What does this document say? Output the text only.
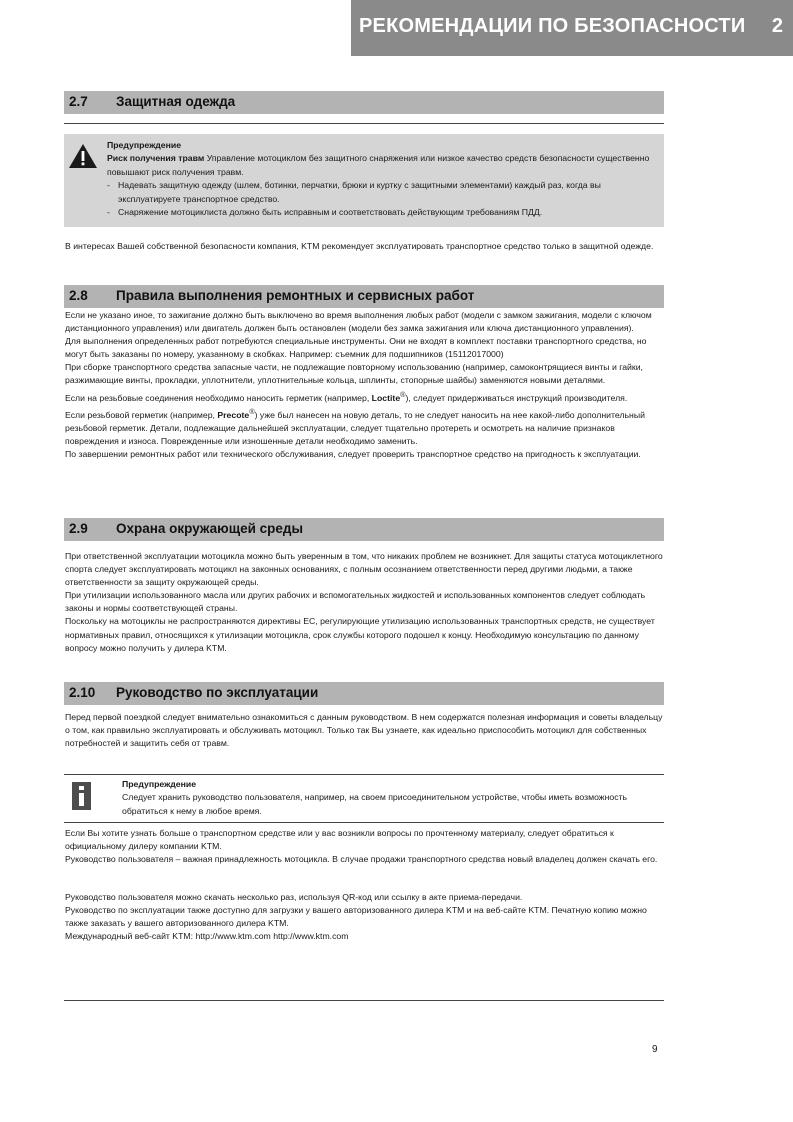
РЕКОМЕНДАЦИИ ПО БЕЗОПАСНОСТИ 2
2.7 Защитная одежда
Предупреждение
Риск получения травм Управление мотоциклом без защитного снаряжения или низкое качество средств безопасности существенно повышают риск получения травм.
- Надевать защитную одежду (шлем, ботинки, перчатки, брюки и куртку с защитными элементами) каждый раз, когда вы эксплуатируете транспортное средство.
- Снаряжение мотоциклиста должно быть исправным и соответствовать действующим требованиям ПДД.

В интересах Вашей собственной безопасности компания, KTM рекомендует эксплуатировать транспортное средство только в защитной одежде.

2.8 Правила выполнения ремонтных и сервисных работ

Если не указано иное, то зажигание должно быть выключено во время выполнения любых работ (модели с замком зажигания, модели с ключом дистанционного управления) или двигатель должен быть остановлен (модели без замка зажигания или ключа дистанционного управления).

Для выполнения определенных работ потребуются специальные инструменты. Они не входят в комплект поставки транспортного средства, но могут быть заказаны по номеру, указанному в скобках. Например: съемник для подшипников (15112017000)

При сборке транспортного средства запасные части, не подлежащие повторному использованию (например, самоконтрящиеся винты и гайки, разжимающие винты, прокладки, уплотнители, уплотнительные кольца, шплинты, стопорные шайбы) заменяются новыми деталями.

Если на резьбовые соединения необходимо наносить герметик (например, Loctite®), следует придерживаться инструкций производителя.

Если резьбовой герметик (например, Precote®) уже был нанесен на новую деталь, то не следует наносить на нее какой-либо дополнительный резьбовой герметик. Детали, подлежащие дальнейшей эксплуатации, следует тщательно протереть и осмотреть на наличие признаков повреждения и износа. Поврежденные или изношенные детали необходимо заменить.

По завершении ремонтных работ или технического обслуживания, следует проверить транспортное средство на пригодность к эксплуатации.

2.9 Охрана окружающей среды

При ответственной эксплуатации мотоцикла можно быть уверенным в том, что никаких проблем не возникнет. Для защиты статуса мотоциклетного спорта следует эксплуатировать мотоцикл на законных основаниях, с полным осознанием ответственности перед другими людьми, а также ответственности за защиту окружающей среды.

При утилизации использованного масла или других рабочих и вспомогательных жидкостей и использованных компонентов следует соблюдать законы и нормы соответствующей страны.

Поскольку на мотоциклы не распространяются директивы ЕС, регулирующие утилизацию использованных транспортных средств, не существует нормативных правил, относящихся к утилизации мотоцикла, срок службы которого подошел к концу. Необходимую консультацию по данному вопросу можно получить у дилера KTM.

2.10 Руководство по эксплуатации

Перед первой поездкой следует внимательно ознакомиться с данным руководством. В нем содержатся полезная информация и советы владельцу о том, как правильно эксплуатировать и обслуживать мотоцикл. Только так Вы узнаете, как идеально приспособить мотоцикл для собственных потребностей и защитить себя от травм.

Предупреждение
Следует хранить руководство пользователя, например, на своем присоединительном устройстве, чтобы иметь возможность обратиться к нему в любое время.

Если Вы хотите узнать больше о транспортном средстве или у вас возникли вопросы по прочтенному материалу, следует обратиться к официальному дилеру компании KTM.

Руководство пользователя – важная принадлежность мотоцикла. В случае продажи транспортного средства новый владелец должен скачать его.

Руководство пользователя можно скачать несколько раз, используя QR-код или ссылку в акте приема-передачи.

Руководство по эксплуатации также доступно для загрузки у вашего авторизованного дилера KTM и на веб-сайте KTM. Печатную копию можно также заказать у вашего авторизованного дилера KTM.

Международный веб-сайт KTM: http://www.ktm.com http://www.ktm.com

9
